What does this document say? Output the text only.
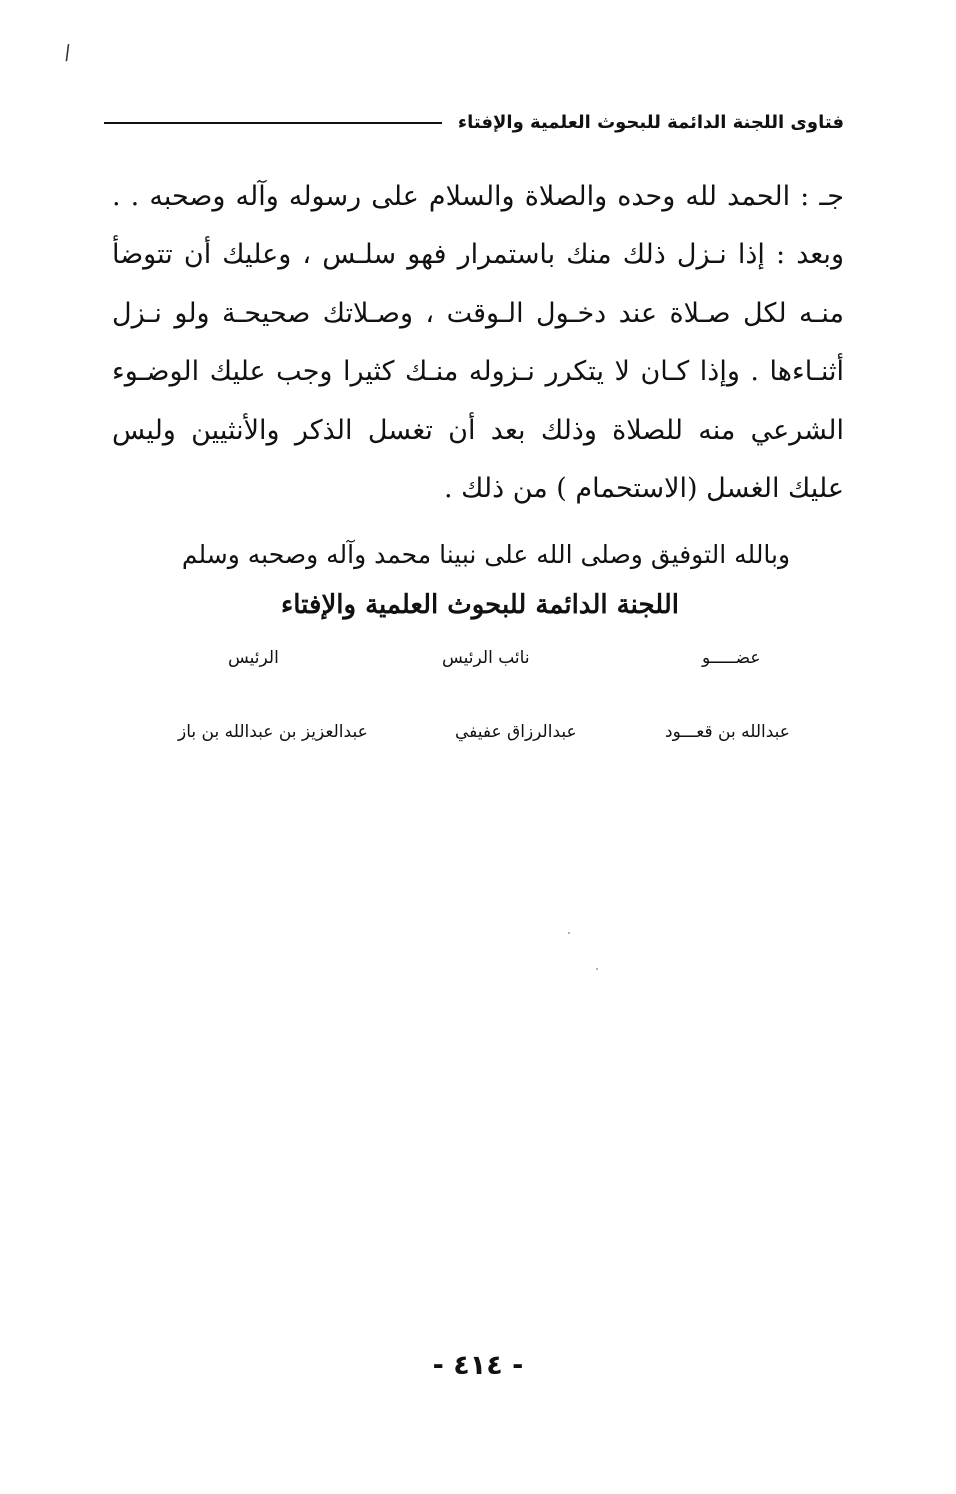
/
فتاوى اللجنة الدائمة للبحوث العلمية والإفتاء

جـ : الحمد لله وحده والصلاة والسلام على رسوله وآله وصحبه . . وبعد : إذا نـزل ذلك منك باستمرار فهو سلـس ، وعليك أن تتوضأ منـه لكل صـلاة عند دخـول الـوقت ، وصـلاتك صحيحـة ولو نـزل أثنـاءها . وإذا كـان لا يتكرر نـزوله منـك كثيرا وجب عليك الوضـوء الشرعي منه للصلاة وذلك بعد أن تغسل الذكر والأنثيين وليس عليك الغسل (الاستحمام ) من ذلك .

وبالله التوفيق وصلى الله على نبينا محمد وآله وصحبه وسلم
اللجنة الدائمة للبحوث العلمية والإفتاء
عضـــــو
عبدالله بن قعـــود
نائب الرئيس
عبدالرزاق عفيفي
الرئيس
عبدالعزيز بن عبدالله بن باز
- ٤١٤ -
